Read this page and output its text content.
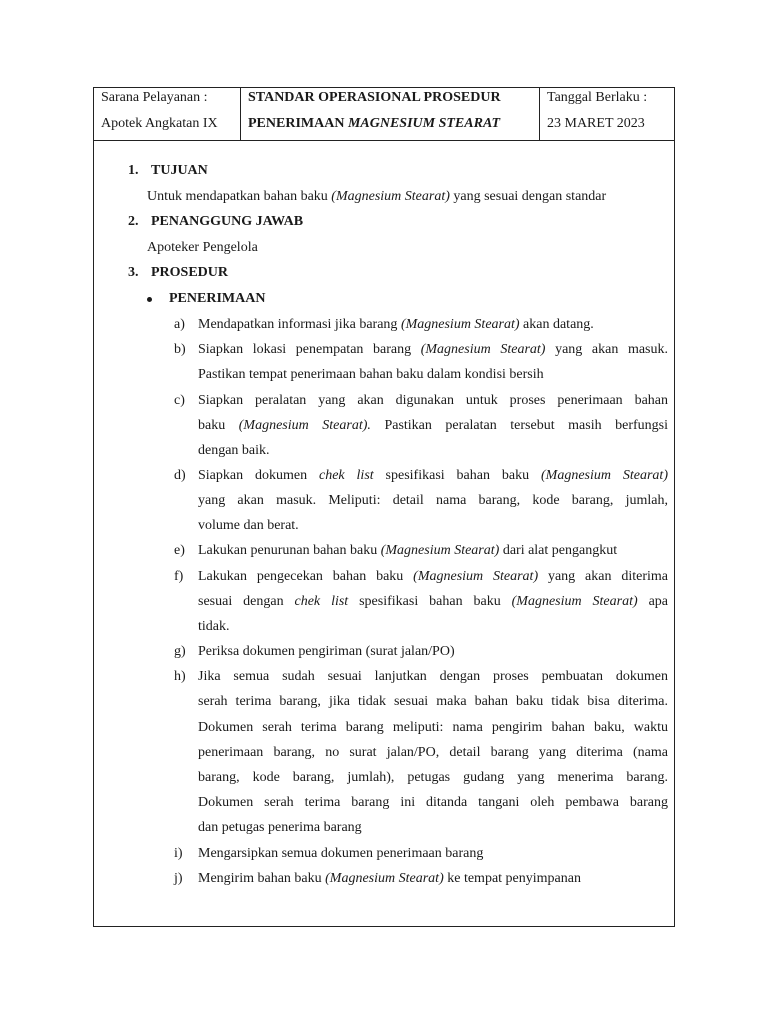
Sarana Pelayanan :
Apotek Angkatan IX
STANDAR OPERASIONAL PROSEDUR
PENERIMAAN MAGNESIUM STEARAT
Tanggal Berlaku :
23 MARET 2023
1. TUJUAN
Untuk mendapatkan bahan baku (Magnesium Stearat) yang sesuai dengan standar
2. PENANGGUNG JAWAB
Apoteker Pengelola
3. PROSEDUR
PENERIMAAN
a) Mendapatkan informasi jika barang (Magnesium Stearat) akan datang.
b) Siapkan lokasi penempatan barang (Magnesium Stearat) yang akan masuk.
Pastikan tempat penerimaan bahan baku dalam kondisi bersih
c) Siapkan peralatan yang akan digunakan untuk proses penerimaan bahan
baku (Magnesium Stearat). Pastikan peralatan tersebut masih berfungsi
dengan baik.
d) Siapkan dokumen chek list spesifikasi bahan baku (Magnesium Stearat)
yang akan masuk. Meliputi: detail nama barang, kode barang, jumlah,
volume dan berat.
e) Lakukan penurunan bahan baku (Magnesium Stearat) dari alat pengangkut
f) Lakukan pengecekan bahan baku (Magnesium Stearat) yang akan diterima
sesuai dengan chek list spesifikasi bahan baku (Magnesium Stearat) apa
tidak.
g) Periksa dokumen pengiriman (surat jalan/PO)
h) Jika semua sudah sesuai lanjutkan dengan proses pembuatan dokumen
serah terima barang, jika tidak sesuai maka bahan baku tidak bisa diterima.
Dokumen serah terima barang meliputi: nama pengirim bahan baku, waktu
penerimaan barang, no surat jalan/PO, detail barang yang diterima (nama
barang, kode barang, jumlah), petugas gudang yang menerima barang.
Dokumen serah terima barang ini ditanda tangani oleh pembawa barang
dan petugas penerima barang
i) Mengarsipkan semua dokumen penerimaan barang
j) Mengirim bahan baku (Magnesium Stearat) ke tempat penyimpanan
